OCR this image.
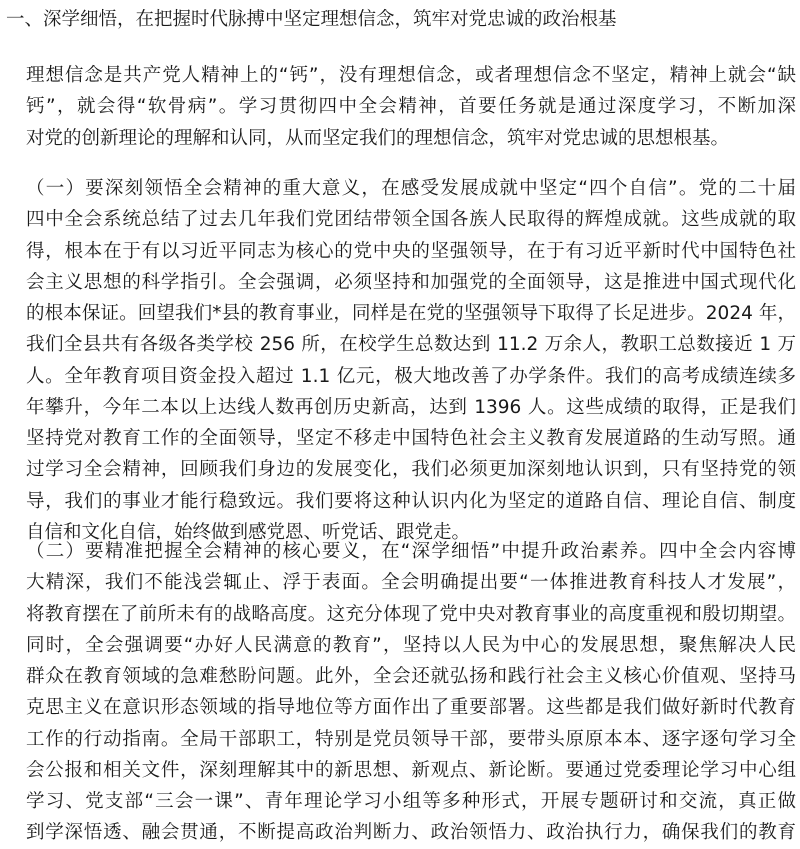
一、深学细悟，在把握时代脉搏中坚定理想信念，筑牢对党忠诚的政治根基
理想信念是共产党人精神上的“钙”，没有理想信念，或者理想信念不坚定，精神上就会“缺
钙”，就会得“软骨病”。学习贯彻四中全会精神，首要任务就是通过深度学习，不断加深
对党的创新理论的理解和认同，从而坚定我们的理想信念，筑牢对党忠诚的思想根基。
（一）要深刻领悟全会精神的重大意义，在感受发展成就中坚定“四个自信”。党的二十届
四中全会系统总结了过去几年我们党团结带领全国各族人民取得的辉煌成就。这些成就的取
得，根本在于有以习近平同志为核心的党中央的坚强领导，在于有习近平新时代中国特色社
会主义思想的科学指引。全会强调，必须坚持和加强党的全面领导，这是推进中国式现代化
的根本保证。回望我们*县的教育事业，同样是在党的坚强领导下取得了长足进步。2024 年，
我们全县共有各级各类学校 256 所，在校学生总数达到 11.2 万余人，教职工总数接近 1 万
人。全年教育项目资金投入超过 1.1 亿元，极大地改善了办学条件。我们的高考成绩连续多
年攀升，今年二本以上达线人数再创历史新高，达到 1396 人。这些成绩的取得，正是我们
坚持党对教育工作的全面领导，坚定不移走中国特色社会主义教育发展道路的生动写照。通
过学习全会精神，回顾我们身边的发展变化，我们必须更加深刻地认识到，只有坚持党的领
导，我们的事业才能行稳致远。我们要将这种认识内化为坚定的道路自信、理论自信、制度
自信和文化自信，始终做到感党恩、听党话、跟党走。
（二）要精准把握全会精神的核心要义，在“深学细悟”中提升政治素养。四中全会内容博
大精深，我们不能浅尝辄止、浮于表面。全会明确提出要“一体推进教育科技人才发展”，
将教育摆在了前所未有的战略高度。这充分体现了党中央对教育事业的高度重视和殷切期望。
同时，全会强调要“办好人民满意的教育”，坚持以人民为中心的发展思想，聚焦解决人民
群众在教育领域的急难愁盼问题。此外，全会还就弘扬和践行社会主义核心价值观、坚持马
克思主义在意识形态领域的指导地位等方面作出了重要部署。这些都是我们做好新时代教育
工作的行动指南。全局干部职工，特别是党员领导干部，要带头原原本本、逐字逐句学习全
会公报和相关文件，深刻理解其中的新思想、新观点、新论断。要通过党委理论学习中心组
学习、党支部“三会一课”、青年理论学习小组等多种形式，开展专题研讨和交流，真正做
到学深悟透、融会贯通，不断提高政治判断力、政治领悟力、政治执行力，确保我们的教育
